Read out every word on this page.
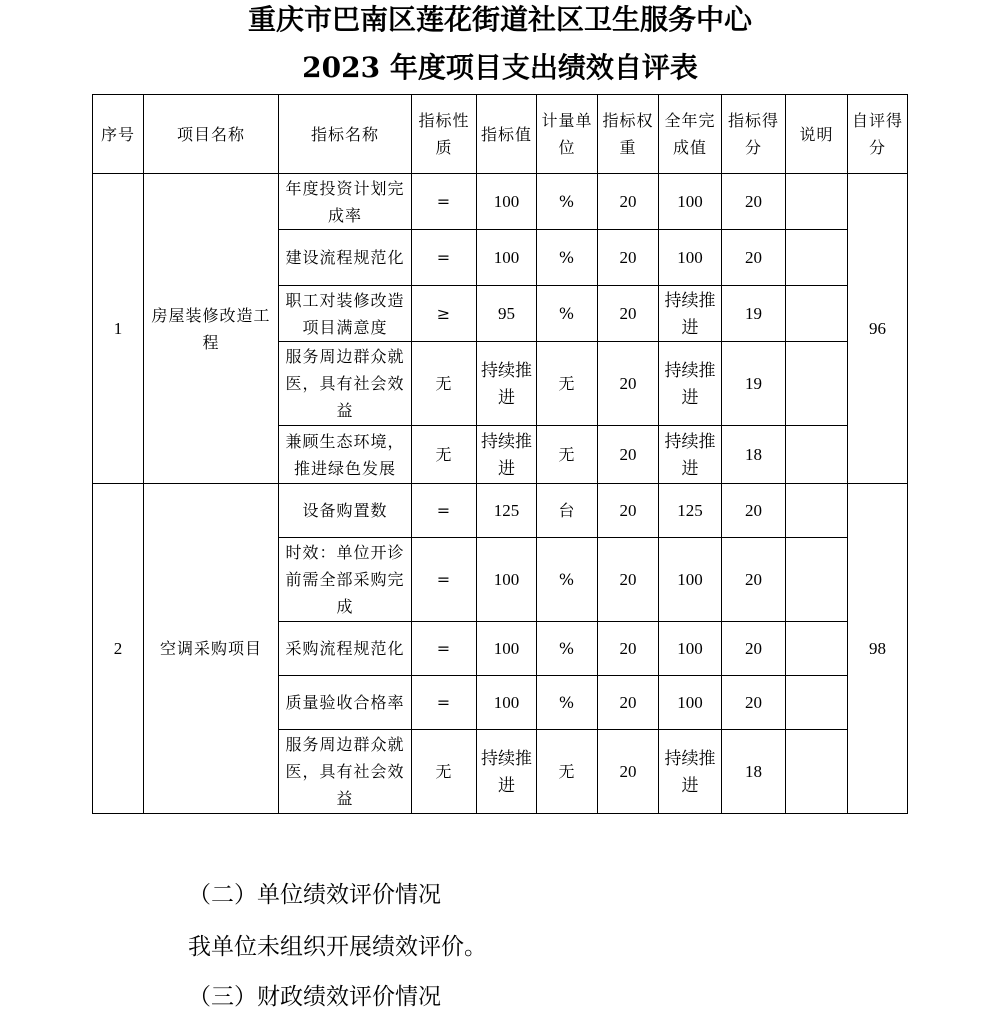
重庆市巴南区莲花街道社区卫生服务中心
2023 年度项目支出绩效自评表
序号	项目名称	指标名称	指标性质	指标值	计量单位	指标权重	全年完成值	指标得分	说明	自评得分
1	房屋装修改造工程	年度投资计划完成率	=	100	%	20	100	20		96
		建设流程规范化	=	100	%	20	100	20		
		职工对装修改造项目满意度	≥	95	%	20	持续推进	19		
		服务周边群众就医，具有社会效益	无	持续推进	无	20	持续推进	19		
		兼顾生态环境，推进绿色发展	无	持续推进	无	20	持续推进	18		
2	空调采购项目	设备购置数	=	125	台	20	125	20		98
		时效：单位开诊前需全部采购完成	=	100	%	20	100	20		
		采购流程规范化	=	100	%	20	100	20		
		质量验收合格率	=	100	%	20	100	20		
		服务周边群众就医，具有社会效益	无	持续推进	无	20	持续推进	18		
（二）单位绩效评价情况
我单位未组织开展绩效评价。
（三）财政绩效评价情况
